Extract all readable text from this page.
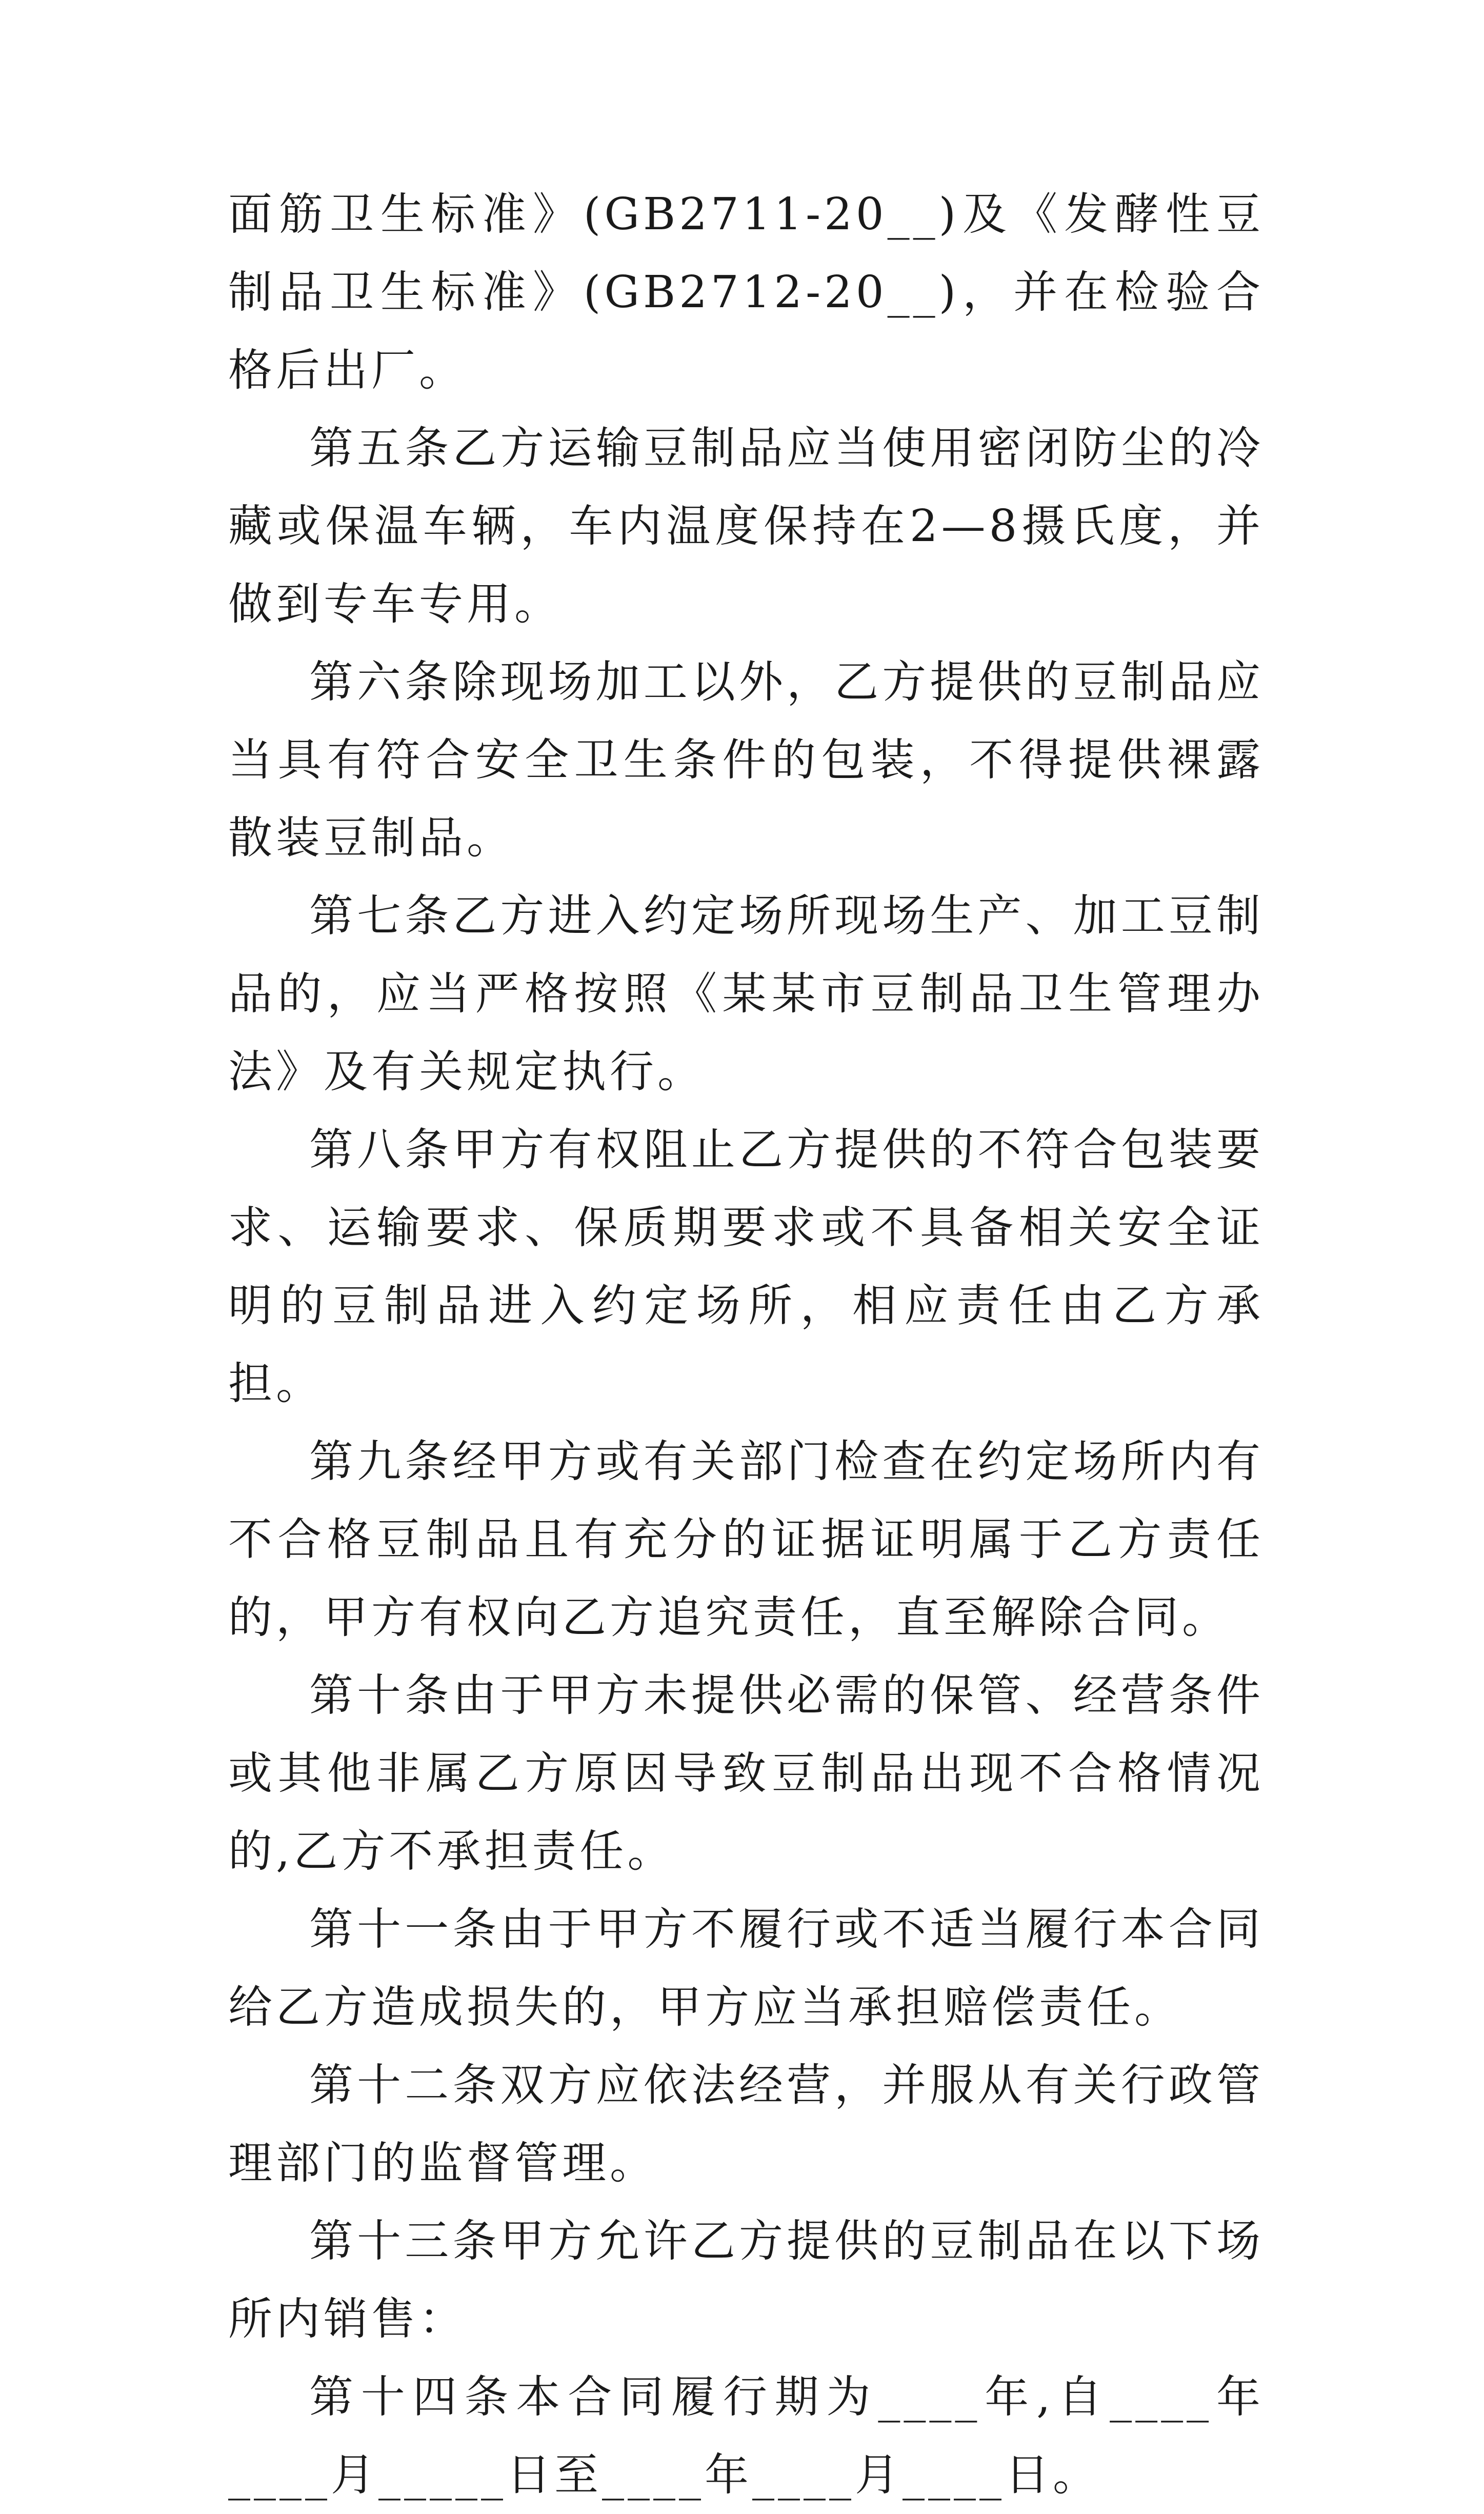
面筋卫生标准》(GB2711-20__)及《发酵性豆制品卫生标准》(GB2712-20__)，并在检验合格后出厂。

第五条乙方运输豆制品应当使用密闭防尘的冷藏或保温车辆，车内温度保持在2—8摄氏度，并做到专车专用。

第六条除现场加工以外，乙方提供的豆制品应当具有符合安全卫生条件的包装，不得提供裸露散装豆制品。

第七条乙方进入约定场所现场生产、加工豆制品的，应当严格按照《某某市豆制品卫生管理办法》及有关规定执行。

第八条甲方有权阻止乙方提供的不符合包装要求、运输要求、保质期要求或不具备相关安全证明的豆制品进入约定场所，相应责任由乙方承担。

第九条经甲方或有关部门检查在约定场所内有不合格豆制品且有充分的证据证明属于乙方责任的，甲方有权向乙方追究责任，直至解除合同。

第十条由于甲方未提供必需的保管、经营条件或其他非属乙方原因导致豆制品出现不合格情况的,乙方不承担责任。

第十一条由于甲方不履行或不适当履行本合同给乙方造成损失的，甲方应当承担赔偿责任。

第十二条双方应依法经营，并服从有关行政管理部门的监督管理。

第十三条甲方允许乙方提供的豆制品在以下场所内销售：

第十四条本合同履行期为____年,自____年____月_____日至____年____月____日。
